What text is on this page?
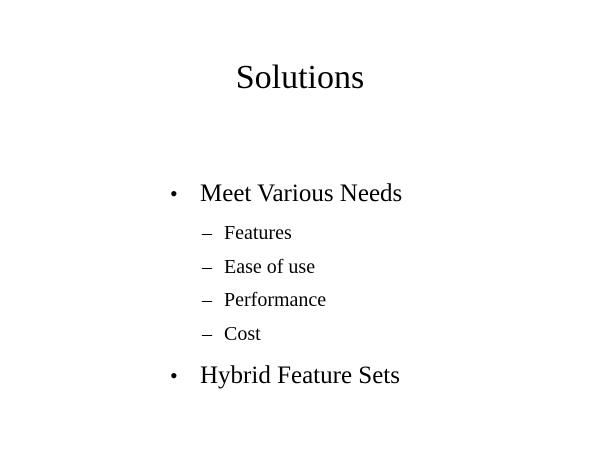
Solutions
• Meet Various Needs
– Features
– Ease of use
– Performance
– Cost
• Hybrid Feature Sets
